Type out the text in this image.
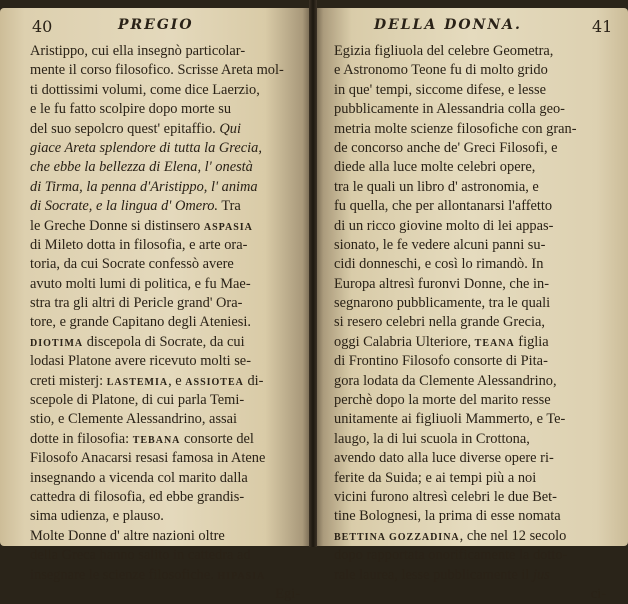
40	PREGIO
Aristippo, cui ella insegnò particolar-
mente il corso filosofico. Scrisse Areta mol-
ti dottissimi volumi, come dice Laerzio,
e le fu fatto scolpire dopo morte su
del suo sepolcro quest' epitaffio. Qui
giace Areta splendore di tutta la Grecia,
che ebbe la bellezza di Elena, l' onestà
di Tirma, la penna d'Aristippo, l' anima
di Socrate, e la lingua d' Omero. Tra
le Greche Donne si distinsero ASPASIA
di Mileto dotta in filosofia, e arte ora-
toria, da cui Socrate confessò avere
avuto molti lumi di politica, e fu Mae-
stra tra gli altri di Pericle grand' Ora-
tore, e grande Capitano degli Ateniesi.
DIOTIMA discepola di Socrate, da cui
lodasi Platone avere ricevuto molti se-
creti misterj: LASTEMIA, e ASSIOTEA di-
scepole di Platone, di cui parla Temi-
stio, e Clemente Alessandrino, assai
dotte in filosofia: TEBANA consorte del
Filosofo Anacarsi resasi famosa in Atene
insegnando a vicenda col marito dalla
cattedra di filosofia, ed ebbe grandis-
sima udienza, e plauso.
Molte Donne d' altre nazioni oltre
della Greca hanno salito in cattedra ad
insegnare le scienze filosofiche. HIPASIA
Egi-
DELLA DONNA.	41
Egizia figliuola del celebre Geometra,
e Astronomo Teone fu di molto grido
in que' tempi, siccome difese, e lesse
pubblicamente in Alessandria colla geo-
metria molte scienze filosofiche con gran-
de concorso anche de' Greci Filosofi, e
diede alla luce molte celebri opere,
tra le quali un libro d' astronomia, e
fu quella, che per allontanarsi l'affetto
di un ricco giovine molto di lei appas-
sionato, le fe vedere alcuni panni su-
cidi donneschi, e così lo rimandò. In
Europa altresì furonvi Donne, che in-
segnarono pubblicamente, tra le quali
si resero celebri nella grande Grecia,
oggi Calabria Ulteriore, TEANA figlia
di Frontino Filosofo consorte di Pita-
gora lodata da Clemente Alessandrino,
perchè dopo la morte del marito resse
unitamente ai figliuoli Mammerto, e Te-
laugo, la di lui scuola in Crottona,
avendo dato alla luce diverse opere ri-
ferite da Suida; e ai tempi più a noi
vicini furono altresì celebri le due Bet-
tine Bolognesi, la prima di esse nomata
BETTINA GOZZADINA, che nel 12 secolo
dopo rapportata onorificamente la dotto-
rale laurea, lesse pubblicamente il jus
ci-
